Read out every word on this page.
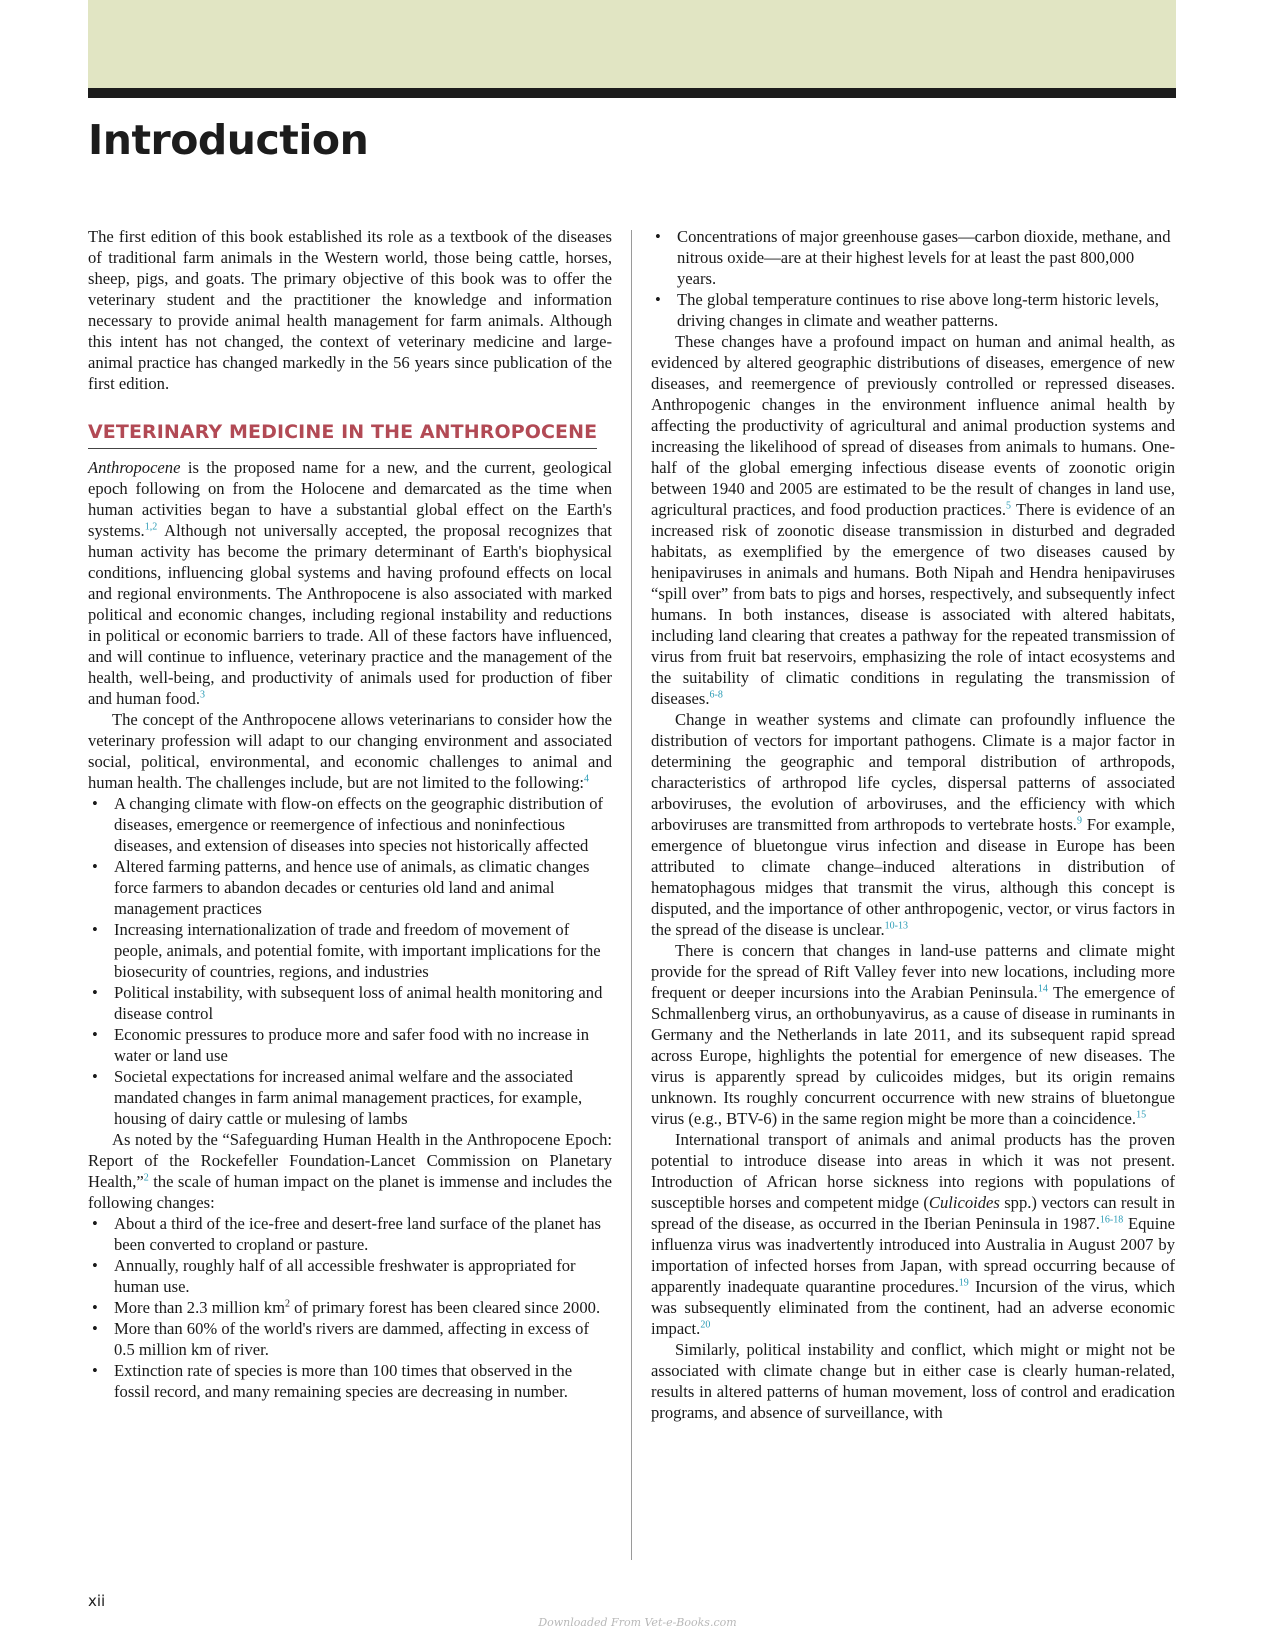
Introduction

The first edition of this book established its role as a textbook of the diseases of traditional farm animals in the Western world, those being cattle, horses, sheep, pigs, and goats. The primary objective of this book was to offer the veterinary student and the practitioner the knowledge and information necessary to provide animal health management for farm animals. Although this intent has not changed, the context of veterinary medicine and large-animal practice has changed markedly in the 56 years since publication of the first edition.

VETERINARY MEDICINE IN THE ANTHROPOCENE

Anthropocene is the proposed name for a new, and the current, geological epoch following on from the Holocene and demarcated as the time when human activities began to have a substantial global effect on the Earth's systems.$^{1,2}$ Although not universally accepted, the proposal recognizes that human activity has become the primary determinant of Earth's biophysical conditions, influencing global systems and having profound effects on local and regional environments. The Anthropocene is also associated with marked political and economic changes, including regional instability and reductions in political or economic barriers to trade. All of these factors have influenced, and will continue to influence, veterinary practice and the management of the health, well-being, and productivity of animals used for production of fiber and human food.$^3$

The concept of the Anthropocene allows veterinarians to consider how the veterinary profession will adapt to our changing environment and associated social, political, environmental, and economic challenges to animal and human health. The challenges include, but are not limited to the following:$^4$

• A changing climate with flow-on effects on the geographic distribution of diseases, emergence or reemergence of infectious and noninfectious diseases, and extension of diseases into species not historically affected
• Altered farming patterns, and hence use of animals, as climatic changes force farmers to abandon decades or centuries old land and animal management practices
• Increasing internationalization of trade and freedom of movement of people, animals, and potential fomite, with important implications for the biosecurity of countries, regions, and industries
• Political instability, with subsequent loss of animal health monitoring and disease control
• Economic pressures to produce more and safer food with no increase in water or land use
• Societal expectations for increased animal welfare and the associated mandated changes in farm animal management practices, for example, housing of dairy cattle or mulesing of lambs

As noted by the “Safeguarding Human Health in the Anthropocene Epoch: Report of the Rockefeller Foundation-Lancet Commission on Planetary Health,”$^2$ the scale of human impact on the planet is immense and includes the following changes:

• About a third of the ice-free and desert-free land surface of the planet has been converted to cropland or pasture.
• Annually, roughly half of all accessible freshwater is appropriated for human use.
• More than 2.3 million $km^2$ of primary forest has been cleared since 2000.
• More than 60% of the world's rivers are dammed, affecting in excess of 0.5 million km of river.
• Extinction rate of species is more than 100 times that observed in the fossil record, and many remaining species are decreasing in number.
• Concentrations of major greenhouse gases—carbon dioxide, methane, and nitrous oxide—are at their highest levels for at least the past 800,000 years.
• The global temperature continues to rise above long-term historic levels, driving changes in climate and weather patterns.

These changes have a profound impact on human and animal health, as evidenced by altered geographic distributions of diseases, emergence of new diseases, and reemergence of previously controlled or repressed diseases. Anthropogenic changes in the environment influence animal health by affecting the productivity of agricultural and animal production systems and increasing the likelihood of spread of diseases from animals to humans. One-half of the global emerging infectious disease events of zoonotic origin between 1940 and 2005 are estimated to be the result of changes in land use, agricultural practices, and food production practices.$^5$ There is evidence of an increased risk of zoonotic disease transmission in disturbed and degraded habitats, as exemplified by the emergence of two diseases caused by henipaviruses in animals and humans. Both Nipah and Hendra henipaviruses “spill over” from bats to pigs and horses, respectively, and subsequently infect humans. In both instances, disease is associated with altered habitats, including land clearing that creates a pathway for the repeated transmission of virus from fruit bat reservoirs, emphasizing the role of intact ecosystems and the suitability of climatic conditions in regulating the transmission of diseases.$^{6-8}$

Change in weather systems and climate can profoundly influence the distribution of vectors for important pathogens. Climate is a major factor in determining the geographic and temporal distribution of arthropods, characteristics of arthropod life cycles, dispersal patterns of associated arboviruses, the evolution of arboviruses, and the efficiency with which arboviruses are transmitted from arthropods to vertebrate hosts.$^9$ For example, emergence of bluetongue virus infection and disease in Europe has been attributed to climate change–induced alterations in distribution of hematophagous midges that transmit the virus, although this concept is disputed, and the importance of other anthropogenic, vector, or virus factors in the spread of the disease is unclear.$^{10-13}$

There is concern that changes in land-use patterns and climate might provide for the spread of Rift Valley fever into new locations, including more frequent or deeper incursions into the Arabian Peninsula.$^{14}$ The emergence of Schmallenberg virus, an orthobunyavirus, as a cause of disease in ruminants in Germany and the Netherlands in late 2011, and its subsequent rapid spread across Europe, highlights the potential for emergence of new diseases. The virus is apparently spread by culicoides midges, but its origin remains unknown. Its roughly concurrent occurrence with new strains of bluetongue virus (e.g., BTV-6) in the same region might be more than a coincidence.$^{15}$

International transport of animals and animal products has the proven potential to introduce disease into areas in which it was not present. Introduction of African horse sickness into regions with populations of susceptible horses and competent midge (Culicoides spp.) vectors can result in spread of the disease, as occurred in the Iberian Peninsula in 1987.$^{16-18}$ Equine influenza virus was inadvertently introduced into Australia in August 2007 by importation of infected horses from Japan, with spread occurring because of apparently inadequate quarantine procedures.$^{19}$ Incursion of the virus, which was subsequently eliminated from the continent, had an adverse economic impact.$^{20}$

Similarly, political instability and conflict, which might or might not be associated with climate change but in either case is clearly human-related, results in altered patterns of human movement, loss of control and eradication programs, and absence of surveillance, with

xii
Downloaded From Vet-e-Books.com
